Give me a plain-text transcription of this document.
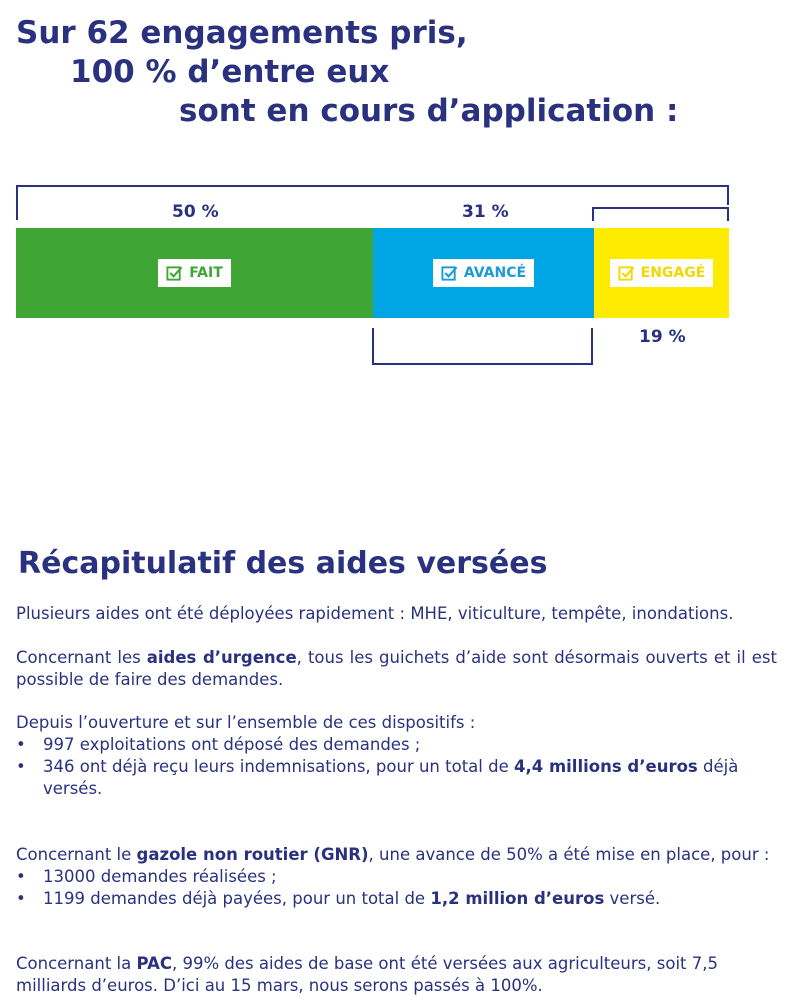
Sur 62 engagements pris,
100 % d’entre eux
sont en cours d’application :
50 %	31 %
19 %
FAIT	AVANCÉ	ENGAGÉ
Récapitulatif des aides versées

Plusieurs aides ont été déployées rapidement : MHE, viticulture, tempête, inondations.

Concernant les aides d’urgence, tous les guichets d’aide sont désormais ouverts et il est possible de faire des demandes.

Depuis l’ouverture et sur l’ensemble de ces dispositifs :
• 997 exploitations ont déposé des demandes ;
• 346 ont déjà reçu leurs indemnisations, pour un total de 4,4 millions d’euros déjà versés.
Concernant le gazole non routier (GNR), une avance de 50% a été mise en place, pour :
• 13000 demandes réalisées ;
• 1199 demandes déjà payées, pour un total de 1,2 million d’euros versé.

Concernant la PAC, 99% des aides de base ont été versées aux agriculteurs, soit 7,5 milliards d’euros. D’ici au 15 mars, nous serons passés à 100%.
